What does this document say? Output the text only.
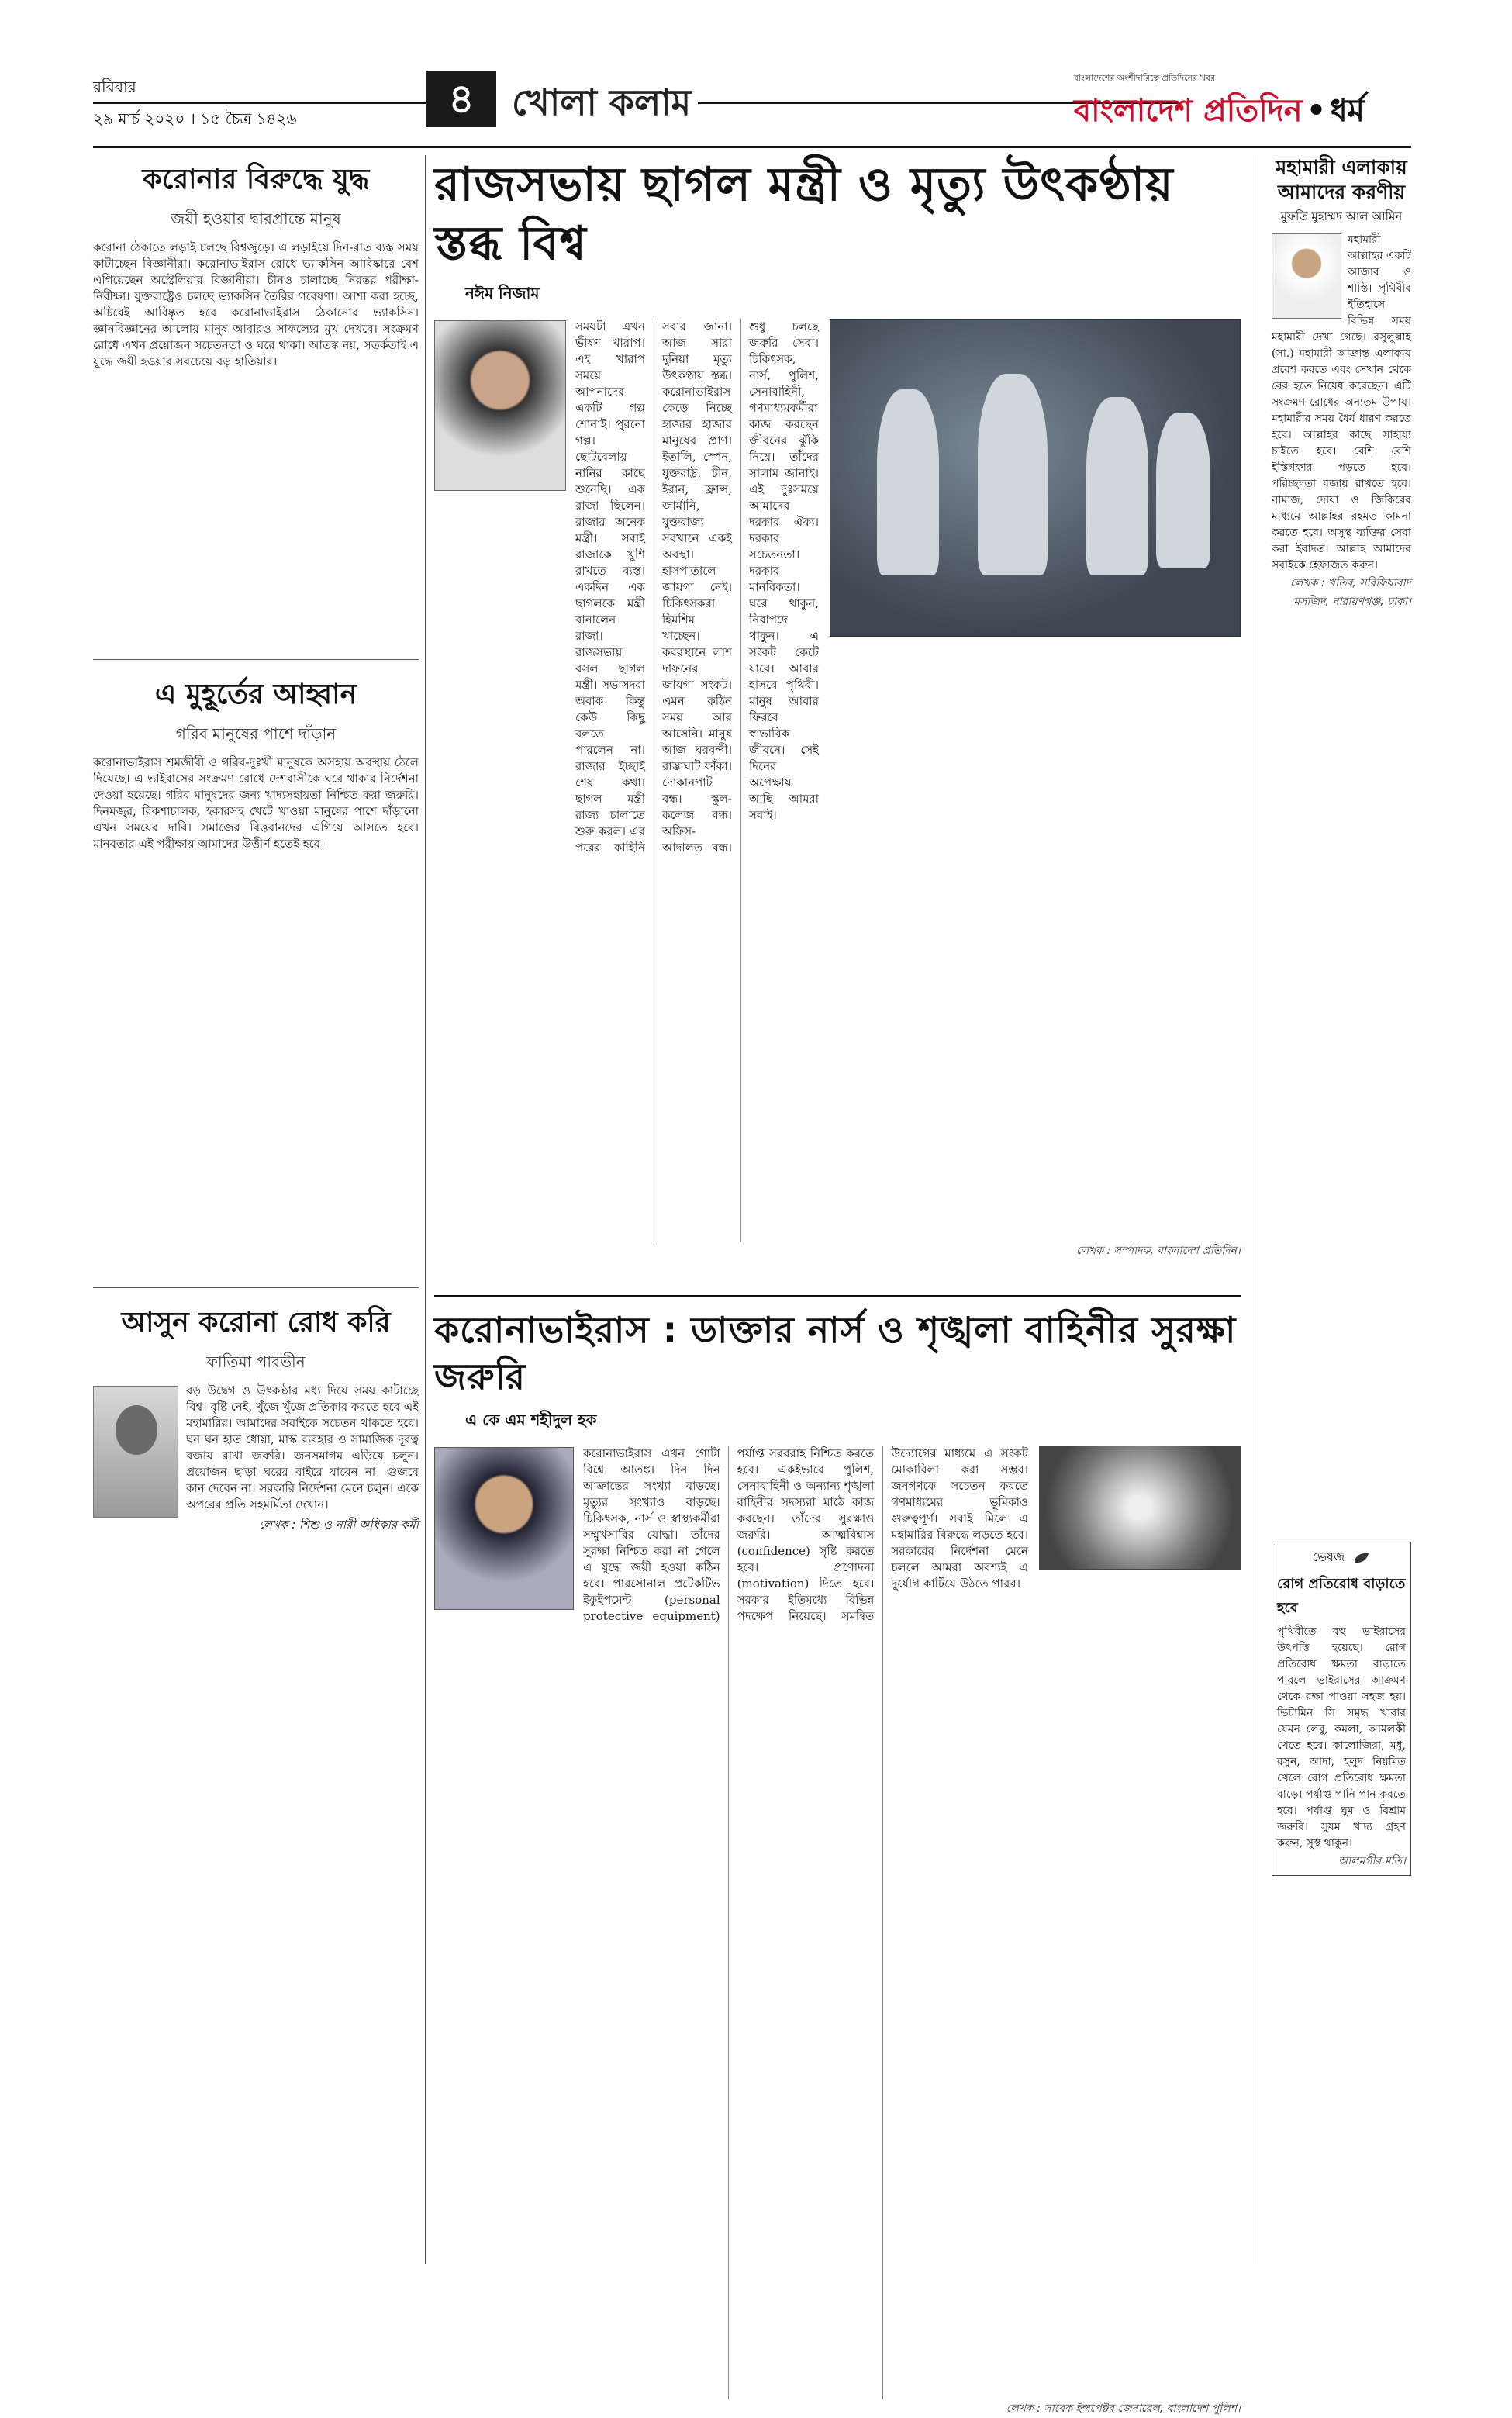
রবিবার
২৯ মার্চ ২০২০ । ১৫ চৈত্র ১৪২৬	৪	খোলা কলাম
বাংলাদেশের অংশীদারিত্বে প্রতিদিনের খবর
বাংলাদেশ প্রতিদিন • ধর্ম
করোনার বিরুদ্ধে যুদ্ধ
জয়ী হওয়ার দ্বারপ্রান্তে মানুষ
করোনা ঠেকাতে লড়াই চলছে বিশ্বজুড়ে। এ লড়াইয়ে দিন-রাত ব্যস্ত সময় কাটাচ্ছেন বিজ্ঞানীরা। করোনাভাইরাস রোধে ভ্যাকসিন আবিষ্কারে বেশ এগিয়েছেন অস্ট্রেলিয়ার বিজ্ঞানীরা। চীনও চালাচ্ছে নিরন্তর পরীক্ষা-নিরীক্ষা। যুক্তরাষ্ট্রেও চলছে ভ্যাকসিন তৈরির গবেষণা। আশা করা হচ্ছে, অচিরেই আবিষ্কৃত হবে করোনাভাইরাস ঠেকানোর ভ্যাকসিন। জ্ঞানবিজ্ঞানের আলোয় মানুষ আবারও সাফল্যের মুখ দেখবে। সংক্রমণ রোধে এখন প্রয়োজন সচেতনতা ও ঘরে থাকা। আতঙ্ক নয়, সতর্কতাই এ যুদ্ধে জয়ী হওয়ার সবচেয়ে বড় হাতিয়ার।
এ মুহূর্তের আহ্বান
গরিব মানুষের পাশে দাঁড়ান
করোনাভাইরাস শ্রমজীবী ও গরিব-দুঃখী মানুষকে অসহায় অবস্থায় ঠেলে দিয়েছে। এ ভাইরাসের সংক্রমণ রোধে দেশবাসীকে ঘরে থাকার নির্দেশনা দেওয়া হয়েছে। গরিব মানুষদের জন্য খাদ্যসহায়তা নিশ্চিত করা জরুরি। দিনমজুর, রিকশাচালক, হকারসহ খেটে খাওয়া মানুষের পাশে দাঁড়ানো এখন সময়ের দাবি। সমাজের বিত্তবানদের এগিয়ে আসতে হবে। মানবতার এই পরীক্ষায় আমাদের উত্তীর্ণ হতেই হবে।
আসুন করোনা রোধ করি
ফাতিমা পারভীন
বড় উদ্বেগ ও উৎকণ্ঠার মধ্য দিয়ে সময় কাটাচ্ছে বিশ্ব। বৃষ্টি নেই, খুঁজে খুঁজে প্রতিকার করতে হবে এই মহামারির। আমাদের সবাইকে সচেতন থাকতে হবে। ঘন ঘন হাত ধোয়া, মাস্ক ব্যবহার ও সামাজিক দূরত্ব বজায় রাখা জরুরি। জনসমাগম এড়িয়ে চলুন। প্রয়োজন ছাড়া ঘরের বাইরে যাবেন না। গুজবে কান দেবেন না। সরকারি নির্দেশনা মেনে চলুন। একে অপরের প্রতি সহমর্মিতা দেখান।
লেখক : শিশু ও নারী অধিকার কর্মী
রাজসভায় ছাগল মন্ত্রী ও মৃত্যু উৎকণ্ঠায় স্তব্ধ বিশ্ব
নঈম নিজাম
সময়টা এখন ভীষণ খারাপ। এই খারাপ সময়ে আপনাদের একটি গল্প শোনাই। পুরনো গল্প। ছোটবেলায় নানির কাছে শুনেছি। এক রাজা ছিলেন। রাজার অনেক মন্ত্রী। সবাই রাজাকে খুশি রাখতে ব্যস্ত। একদিন এক ছাগলকে মন্ত্রী বানালেন রাজা। রাজসভায় বসল ছাগল মন্ত্রী। সভাসদরা অবাক। কিন্তু কেউ কিছু বলতে পারলেন না। রাজার ইচ্ছাই শেষ কথা। ছাগল মন্ত্রী রাজ্য চালাতে শুরু করল। এর পরের কাহিনি সবার জানা। আজ সারা দুনিয়া মৃত্যু উৎকণ্ঠায় স্তব্ধ। করোনাভাইরাস কেড়ে নিচ্ছে হাজার হাজার মানুষের প্রাণ। ইতালি, স্পেন, যুক্তরাষ্ট্র, চীন, ইরান, ফ্রান্স, জার্মানি, যুক্তরাজ্য সবখানে একই অবস্থা। হাসপাতালে জায়গা নেই। চিকিৎসকরা হিমশিম খাচ্ছেন। কবরস্থানে লাশ দাফনের জায়গা সংকট। এমন কঠিন সময় আর আসেনি। মানুষ আজ ঘরবন্দী। রাস্তাঘাট ফাঁকা। দোকানপাট বন্ধ। স্কুল-কলেজ বন্ধ। অফিস-আদালত বন্ধ। শুধু চলছে জরুরি সেবা। চিকিৎসক, নার্স, পুলিশ, সেনাবাহিনী, গণমাধ্যমকর্মীরা কাজ করছেন জীবনের ঝুঁকি নিয়ে। তাঁদের সালাম জানাই। এই দুঃসময়ে আমাদের দরকার ঐক্য। দরকার সচেতনতা। দরকার মানবিকতা। ঘরে থাকুন, নিরাপদে থাকুন। এ সংকট কেটে যাবে। আবার হাসবে পৃথিবী। মানুষ আবার ফিরবে স্বাভাবিক জীবনে। সেই দিনের অপেক্ষায় আছি আমরা সবাই।
লেখক : সম্পাদক, বাংলাদেশ প্রতিদিন।
করোনাভাইরাস : ডাক্তার নার্স ও শৃঙ্খলা বাহিনীর সুরক্ষা জরুরি
এ কে এম শহীদুল হক
করোনাভাইরাস এখন গোটা বিশ্বে আতঙ্ক। দিন দিন আক্রান্তের সংখ্যা বাড়ছে। মৃত্যুর সংখ্যাও বাড়ছে। চিকিৎসক, নার্স ও স্বাস্থ্যকর্মীরা সম্মুখসারির যোদ্ধা। তাঁদের সুরক্ষা নিশ্চিত করা না গেলে এ যুদ্ধে জয়ী হওয়া কঠিন হবে। পারসোনাল প্রটেকটিভ ইকুইপমেন্ট (personal protective equipment) পর্যাপ্ত সরবরাহ নিশ্চিত করতে হবে। একইভাবে পুলিশ, সেনাবাহিনী ও অন্যান্য শৃঙ্খলা বাহিনীর সদস্যরা মাঠে কাজ করছেন। তাঁদের সুরক্ষাও জরুরি। আত্মবিশ্বাস (confidence) সৃষ্টি করতে হবে। প্রণোদনা (motivation) দিতে হবে। সরকার ইতিমধ্যে বিভিন্ন পদক্ষেপ নিয়েছে। সমন্বিত উদ্যোগের মাধ্যমে এ সংকট মোকাবিলা করা সম্ভব। জনগণকে সচেতন করতে গণমাধ্যমের ভূমিকাও গুরুত্বপূর্ণ। সবাই মিলে এ মহামারির বিরুদ্ধে লড়তে হবে। সরকারের নির্দেশনা মেনে চললে আমরা অবশ্যই এ দুর্যোগ কাটিয়ে উঠতে পারব।
লেখক : সাবেক ইন্সপেক্টর জেনারেল, বাংলাদেশ পুলিশ।
মহামারী এলাকায় আমাদের করণীয়
মুফতি মুহাম্মদ আল আমিন
মহামারী আল্লাহর একটি আজাব ও শাস্তি। পৃথিবীর ইতিহাসে বিভিন্ন সময় মহামারী দেখা গেছে। রসুলুল্লাহ (সা.) মহামারী আক্রান্ত এলাকায় প্রবেশ করতে এবং সেখান থেকে বের হতে নিষেধ করেছেন। এটি সংক্রমণ রোধের অন্যতম উপায়। মহামারীর সময় ধৈর্য ধারণ করতে হবে। আল্লাহর কাছে সাহায্য চাইতে হবে। বেশি বেশি ইস্তিগফার পড়তে হবে। পরিচ্ছন্নতা বজায় রাখতে হবে। নামাজ, দোয়া ও জিকিরের মাধ্যমে আল্লাহর রহমত কামনা করতে হবে। অসুস্থ ব্যক্তির সেবা করা ইবাদত। আল্লাহ আমাদের সবাইকে হেফাজত করুন।
লেখক : খতিব, সরিফিয়াবাদ মসজিদ, নারায়ণগঞ্জ, ঢাকা।
ভেষজ
রোগ প্রতিরোধ বাড়াতে হবে
পৃথিবীতে বহু ভাইরাসের উৎপত্তি হয়েছে। রোগ প্রতিরোধ ক্ষমতা বাড়াতে পারলে ভাইরাসের আক্রমণ থেকে রক্ষা পাওয়া সহজ হয়। ভিটামিন সি সমৃদ্ধ খাবার যেমন লেবু, কমলা, আমলকী খেতে হবে। কালোজিরা, মধু, রসুন, আদা, হলুদ নিয়মিত খেলে রোগ প্রতিরোধ ক্ষমতা বাড়ে। পর্যাপ্ত পানি পান করতে হবে। পর্যাপ্ত ঘুম ও বিশ্রাম জরুরি। সুষম খাদ্য গ্রহণ করুন, সুস্থ থাকুন।
আলমগীর মতি।
